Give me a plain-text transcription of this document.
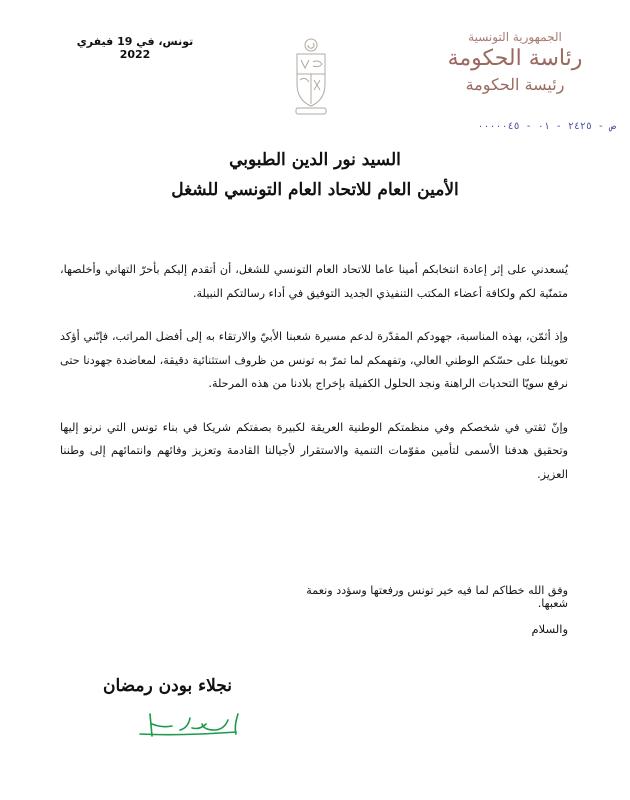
تونس، في 19 فيفري 2022
الجمهورية التونسية
رئاسة الحكومة
رئيسة الحكومة
ص - ٢٤٢٥ - ٠١ - ٠٠٠٠٠٤٥
السيد نور الدين الطبوبي
الأمين العام للاتحاد العام التونسي للشغل

يُسعدني على إثر إعادة انتخابكم أمينا عاما للاتحاد العام التونسي للشغل، أن أتقدم إليكم بأحرّ التهاني وأخلصها، متمنّية لكم ولكافة أعضاء المكتب التنفيذي الجديد التوفيق في أداء رسالتكم النبيلة.

وإذ أثمّن، بهذه المناسبة، جهودكم المقدّرة لدعم مسيرة شعبنا الأبيّ والارتقاء به إلى أفضل المراتب، فإنّني أؤكد تعويلنا على حسّكم الوطني العالي، وتفهمكم لما تمرّ به تونس من ظروف استثنائية دقيقة، لمعاضدة جهودنا حتى نرفع سويّا التحديات الراهنة ونجد الحلول الكفيلة بإخراج بلادنا من هذه المرحلة.

وإنّ ثقتي في شخصكم وفي منظمتكم الوطنية العريقة لكبيرة بصفتكم شريكا في بناء تونس التي نرنو إليها وتحقيق هدفنا الأسمى لتأمين مقوّمات التنمية والاستقرار لأجيالنا القادمة وتعزيز وفائهم وانتمائهم إلى وطننا العزيز.

وفق الله خطاكم لما فيه خير تونس ورفعتها وسؤدد ونعمة شعبها.
والسلام
نجلاء بودن رمضان
